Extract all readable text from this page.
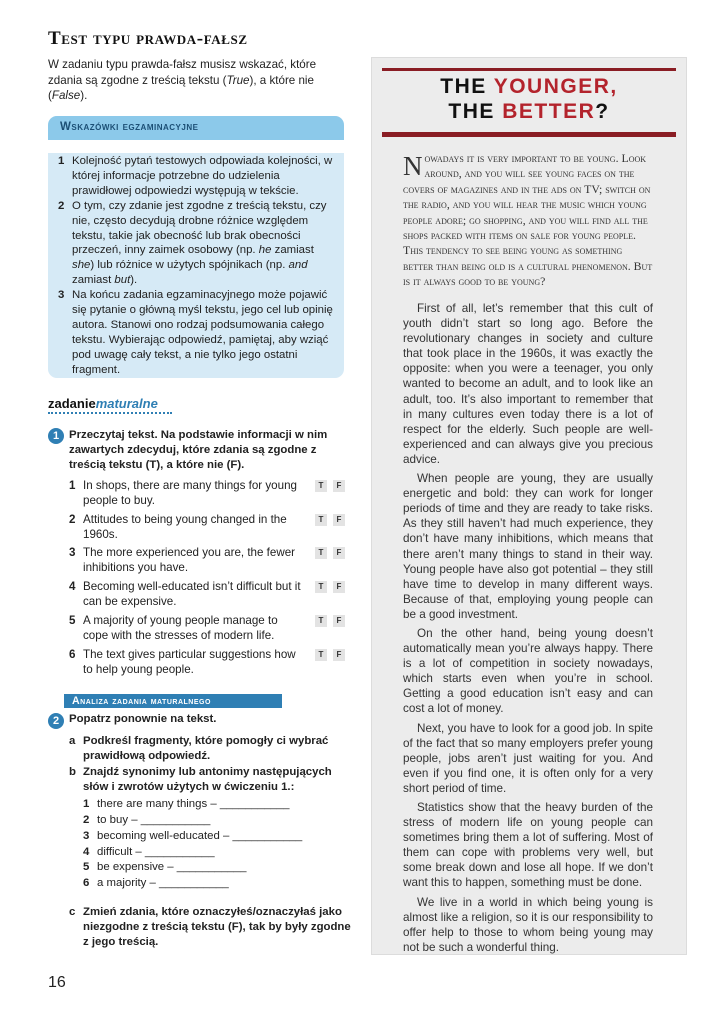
Test typu prawda-fałsz
W zadaniu typu prawda-fałsz musisz wskazać, które zdania są zgodne z treścią tekstu (True), a które nie (False).
Wskazówki egzaminacyjne
1 Kolejność pytań testowych odpowiada kolejności, w której informacje potrzebne do udzielenia prawidłowej odpowiedzi występują w tekście.
2 O tym, czy zdanie jest zgodne z treścią tekstu, czy nie, często decydują drobne różnice względem tekstu, takie jak obecność lub brak obecności przeczeń, inny zaimek osobowy (np. he zamiast she) lub różnice w użytych spójnikach (np. and zamiast but).
3 Na końcu zadania egzaminacyjnego może pojawić się pytanie o główną myśl tekstu, jego cel lub opinię autora. Stanowi ono rodzaj podsumowania całego tekstu. Wybierając odpowiedź, pamiętaj, aby wziąć pod uwagę cały tekst, a nie tylko jego ostatni fragment.
zadaniematuralne
1 Przeczytaj tekst. Na podstawie informacji w nim zawartych zdecyduj, które zdania są zgodne z treścią tekstu (T), a które nie (F).
1 In shops, there are many things for young people to buy.
T	F
2 Attitudes to being young changed in the 1960s.
T	F
3 The more experienced you are, the fewer inhibitions you have.
T	F
4 Becoming well-educated isn’t difficult but it can be expensive.
T	F
5 A majority of young people manage to cope with the stresses of modern life.
T	F
6 The text gives particular suggestions how to help young people.
T	F
Analiza zadania maturalnego
2 Popatrz ponownie na tekst.
a Podkreśl fragmenty, które pomogły ci wybrać prawidłową odpowiedź.
b Znajdź synonimy lub antonimy następujących słów i zwrotów użytych w ćwiczeniu 1.:
1 there are many things – ___________
2 to buy – ___________
3 becoming well-educated – ___________
4 difficult – ___________
5 be expensive – ___________
6 a majority – ___________
c Zmień zdania, które oznaczyłeś/oznaczyłaś jako niezgodne z treścią tekstu (F), tak by były zgodne z jego treścią.
16
THE YOUNGER,
THE BETTER?
Nowadays it is very important to be young. Look around, and you will see young faces on the covers of magazines and in the ads on TV; switch on the radio, and you will hear the music which young people adore; go shopping, and you will find all the shops packed with items on sale for young people. This tendency to see being young as something better than being old is a cultural phenomenon. But is it always good to be young?

First of all, let’s remember that this cult of youth didn’t start so long ago. Before the revolutionary changes in society and culture that took place in the 1960s, it was exactly the opposite: when you were a teenager, you only wanted to become an adult, and to look like an adult, too. It’s also important to remember that in many cultures even today there is a lot of respect for the elderly. Such people are well-experienced and can always give you precious advice.

When people are young, they are usually energetic and bold: they can work for longer periods of time and they are ready to take risks. As they still haven’t had much experience, they don’t have many inhibitions, which means that there aren’t many things to stand in their way. Young people have also got potential – they still have time to develop in many different ways. Because of that, employing young people can be a good investment.

On the other hand, being young doesn’t automatically mean you’re always happy. There is a lot of competition in society nowadays, which starts even when you’re in school. Getting a good education isn’t easy and can cost a lot of money.

Next, you have to look for a good job. In spite of the fact that so many employers prefer young people, jobs aren’t just waiting for you. And even if you find one, it is often only for a very short period of time.

Statistics show that the heavy burden of the stress of modern life on young people can sometimes bring them a lot of suffering. Most of them can cope with problems very well, but some break down and lose all hope. If we don’t want this to happen, something must be done.

We live in a world in which being young is almost like a religion, so it is our responsibility to offer help to those to whom being young may not be such a wonderful thing.
